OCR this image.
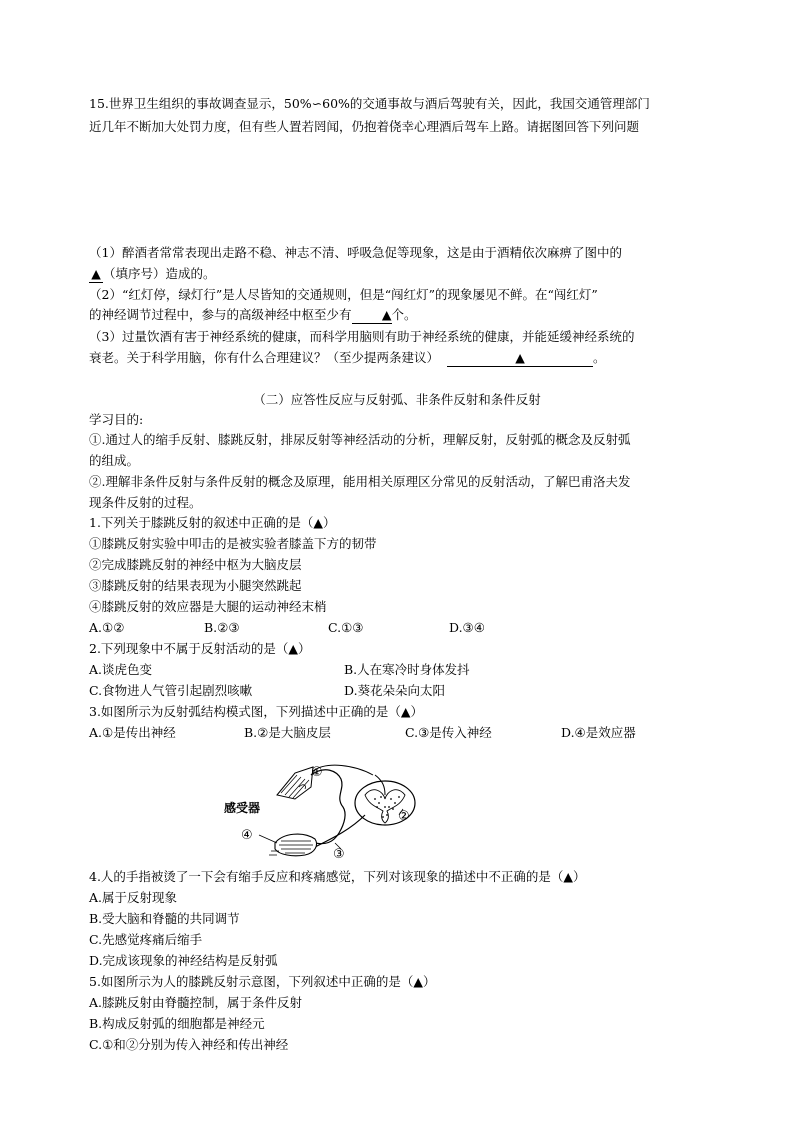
15.世界卫生组织的事故调查显示，50%∽60%的交通事故与酒后驾驶有关，因此，我国交通管理部门
近几年不断加大处罚力度，但有些人置若罔闻，仍抱着侥幸心理酒后驾车上路。请据图回答下列问题
（1）醉酒者常常表现出走路不稳、神志不清、呼吸急促等现象，这是由于酒精依次麻痹了图中的
▲ （填序号）造成的。
（2）“红灯停，绿灯行”是人尽皆知的交通规则，但是“闯红灯”的现象屡见不鲜。在“闯红灯”
的神经调节过程中，参与的高级神经中枢至少有 ▲个。
（3）过量饮酒有害于神经系统的健康，而科学用脑则有助于神经系统的健康，并能延缓神经系统的
衰老。关于科学用脑，你有什么合理建议？（至少提两条建议）	▲	。
（二）应答性反应与反射弧、非条件反射和条件反射
学习目的:
①.通过人的缩手反射、膝跳反射，排尿反射等神经活动的分析，理解反射，反射弧的概念及反射弧
的组成。
②.理解非条件反射与条件反射的概念及原理，能用相关原理区分常见的反射活动，了解巴甫洛夫发
现条件反射的过程。
1.下列关于膝跳反射的叙述中正确的是（▲）
①膝跳反射实验中叩击的是被实验者膝盖下方的韧带
②完成膝跳反射的神经中枢为大脑皮层
③膝跳反射的结果表现为小腿突然跳起
④膝跳反射的效应器是大腿的运动神经末梢
A.①②	B.②③	C.①③	D.③④
2.下列现象中不属于反射活动的是（▲）
A.谈虎色变	B.人在寒冷时身体发抖
C.食物进人气管引起剧烈咳嗽	D.葵花朵朵向太阳
3.如图所示为反射弧结构模式图，下列描述中正确的是（▲）
A.①是传出神经	B.②是大脑皮层	C.③是传入神经	D.④是效应器
感受器
①
②
③
④
4.人的手指被烫了一下会有缩手反应和疼痛感觉，下列对该现象的描述中不正确的是（▲）
A.属于反射现象
B.受大脑和脊髓的共同调节
C.先感觉疼痛后缩手
D.完成该现象的神经结构是反射弧
5.如图所示为人的膝跳反射示意图，下列叙述中正确的是（▲）
A.膝跳反射由脊髓控制，属于条件反射
B.构成反射弧的细胞都是神经元
C.①和②分别为传入神经和传出神经
